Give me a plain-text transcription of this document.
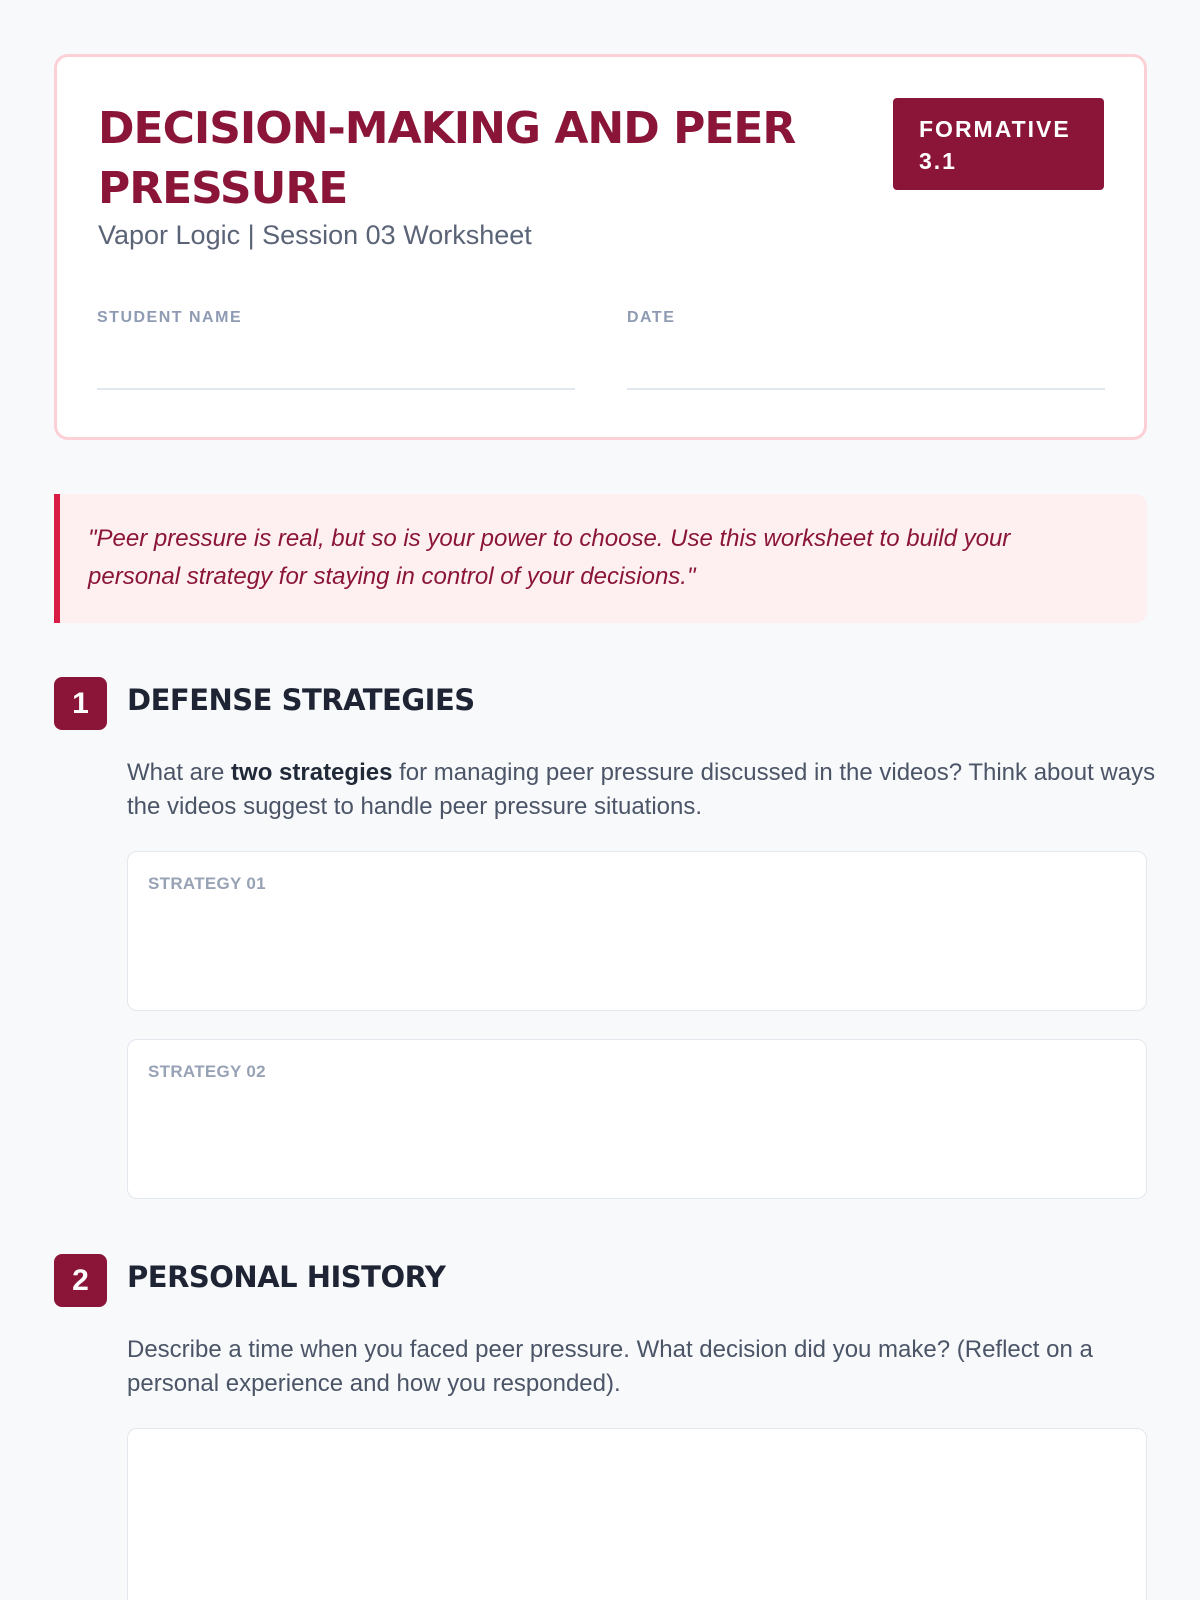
DECISION-MAKING AND PEER PRESSURE
Vapor Logic | Session 03 Worksheet
FORMATIVE
3.1
STUDENT NAME	DATE

"Peer pressure is real, but so is your power to choose. Use this worksheet to build your personal strategy for staying in control of your decisions."

1	DEFENSE STRATEGIES

What are two strategies for managing peer pressure discussed in the videos? Think about ways the videos suggest to handle peer pressure situations.

STRATEGY 01
STRATEGY 02
2	PERSONAL HISTORY

Describe a time when you faced peer pressure. What decision did you make? (Reflect on a personal experience and how you responded).
